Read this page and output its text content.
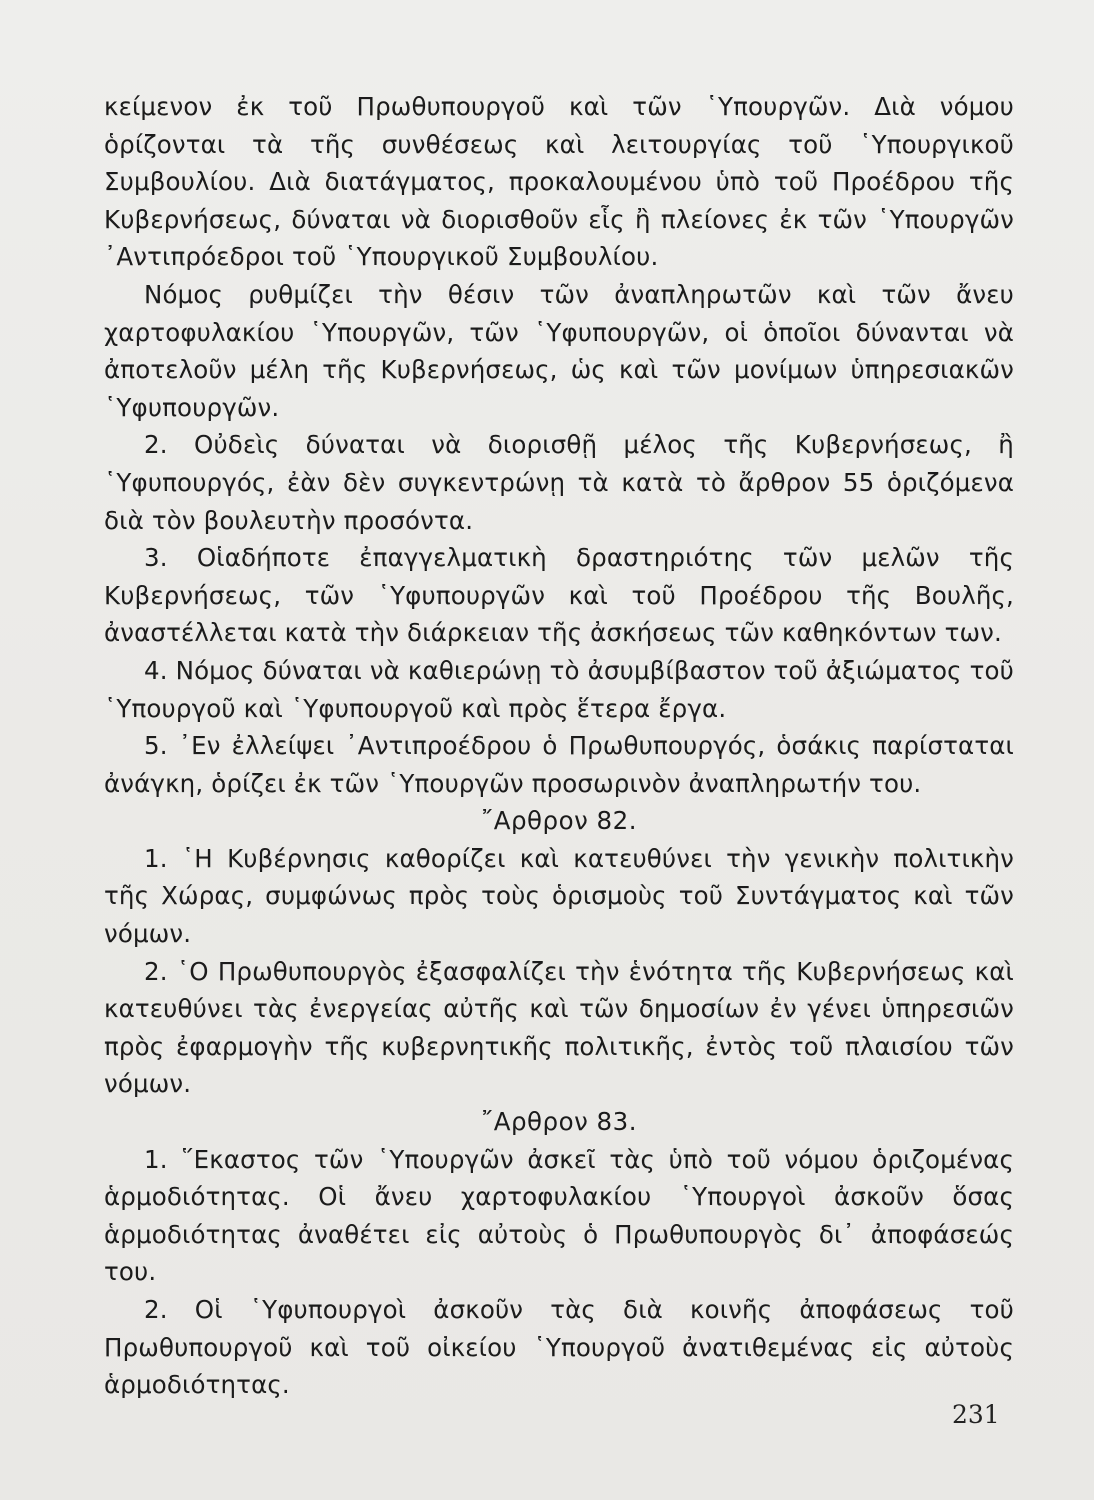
κείμενον ἐκ τοῦ Πρωθυπουργοῦ καὶ τῶν ῾Υπουργῶν. Διὰ νόμου ὁρίζονται τὰ τῆς συνθέσεως καὶ λειτουργίας τοῦ ῾Υπουργικοῦ Συμβουλίου. Διὰ διατάγματος, προκαλουμένου ὑπὸ τοῦ Προέδρου τῆς Κυβερνήσεως, δύναται νὰ διορισθοῦν εἷς ἢ πλείονες ἐκ τῶν ῾Υπουργῶν ᾿Αντιπρόεδροι τοῦ ῾Υπουργικοῦ Συμβουλίου.

Νόμος ρυθμίζει τὴν θέσιν τῶν ἀναπληρωτῶν καὶ τῶν ἄνευ χαρτοφυλακίου ῾Υπουργῶν, τῶν ῾Υφυπουργῶν, οἱ ὁποῖοι δύνανται νὰ ἀποτελοῦν μέλη τῆς Κυβερνήσεως, ὡς καὶ τῶν μονίμων ὑπηρεσιακῶν ῾Υφυπουργῶν.

2. Οὐδεὶς δύναται νὰ διορισθῇ μέλος τῆς Κυβερνήσεως, ἢ ῾Υφυπουργός, ἐὰν δὲν συγκεντρώνῃ τὰ κατὰ τὸ ἄρθρον 55 ὁριζόμενα διὰ τὸν βουλευτὴν προσόντα.

3. Οἱαδήποτε ἐπαγγελματικὴ δραστηριότης τῶν μελῶν τῆς Κυβερνήσεως, τῶν ῾Υφυπουργῶν καὶ τοῦ Προέδρου τῆς Βουλῆς, ἀναστέλλεται κατὰ τὴν διάρκειαν τῆς ἀσκήσεως τῶν καθηκόντων των.

4. Νόμος δύναται νὰ καθιερώνῃ τὸ ἀσυμβίβαστον τοῦ ἀξιώματος τοῦ ῾Υπουργοῦ καὶ ῾Υφυπουργοῦ καὶ πρὸς ἕτερα ἔργα.

5. ᾿Εν ἐλλείψει ᾿Αντιπροέδρου ὁ Πρωθυπουργός, ὁσάκις παρίσταται ἀνάγκη, ὁρίζει ἐκ τῶν ῾Υπουργῶν προσωρινὸν ἀναπληρωτήν του.

῎Αρθρον 82.

1. ῾Η Κυβέρνησις καθορίζει καὶ κατευθύνει τὴν γενικὴν πολιτικὴν τῆς Χώρας, συμφώνως πρὸς τοὺς ὁρισμοὺς τοῦ Συντάγματος καὶ τῶν νόμων.

2. ῾Ο Πρωθυπουργὸς ἐξασφαλίζει τὴν ἑνότητα τῆς Κυβερνήσεως καὶ κατευθύνει τὰς ἐνεργείας αὐτῆς καὶ τῶν δημοσίων ἐν γένει ὑπηρεσιῶν πρὸς ἐφαρμογὴν τῆς κυβερνητικῆς πολιτικῆς, ἐντὸς τοῦ πλαισίου τῶν νόμων.

῎Αρθρον 83.

1. ῞Εκαστος τῶν ῾Υπουργῶν ἀσκεῖ τὰς ὑπὸ τοῦ νόμου ὁριζομένας ἁρμοδιότητας. Οἱ ἄνευ χαρτοφυλακίου ῾Υπουργοὶ ἀσκοῦν ὅσας ἁρμοδιότητας ἀναθέτει εἰς αὐτοὺς ὁ Πρωθυπουργὸς δι᾿ ἀποφάσεώς του.

2. Οἱ ῾Υφυπουργοὶ ἀσκοῦν τὰς διὰ κοινῆς ἀποφάσεως τοῦ Πρωθυπουργοῦ καὶ τοῦ οἰκείου ῾Υπουργοῦ ἀνατιθεμένας εἰς αὐτοὺς ἁρμοδιότητας.

231
